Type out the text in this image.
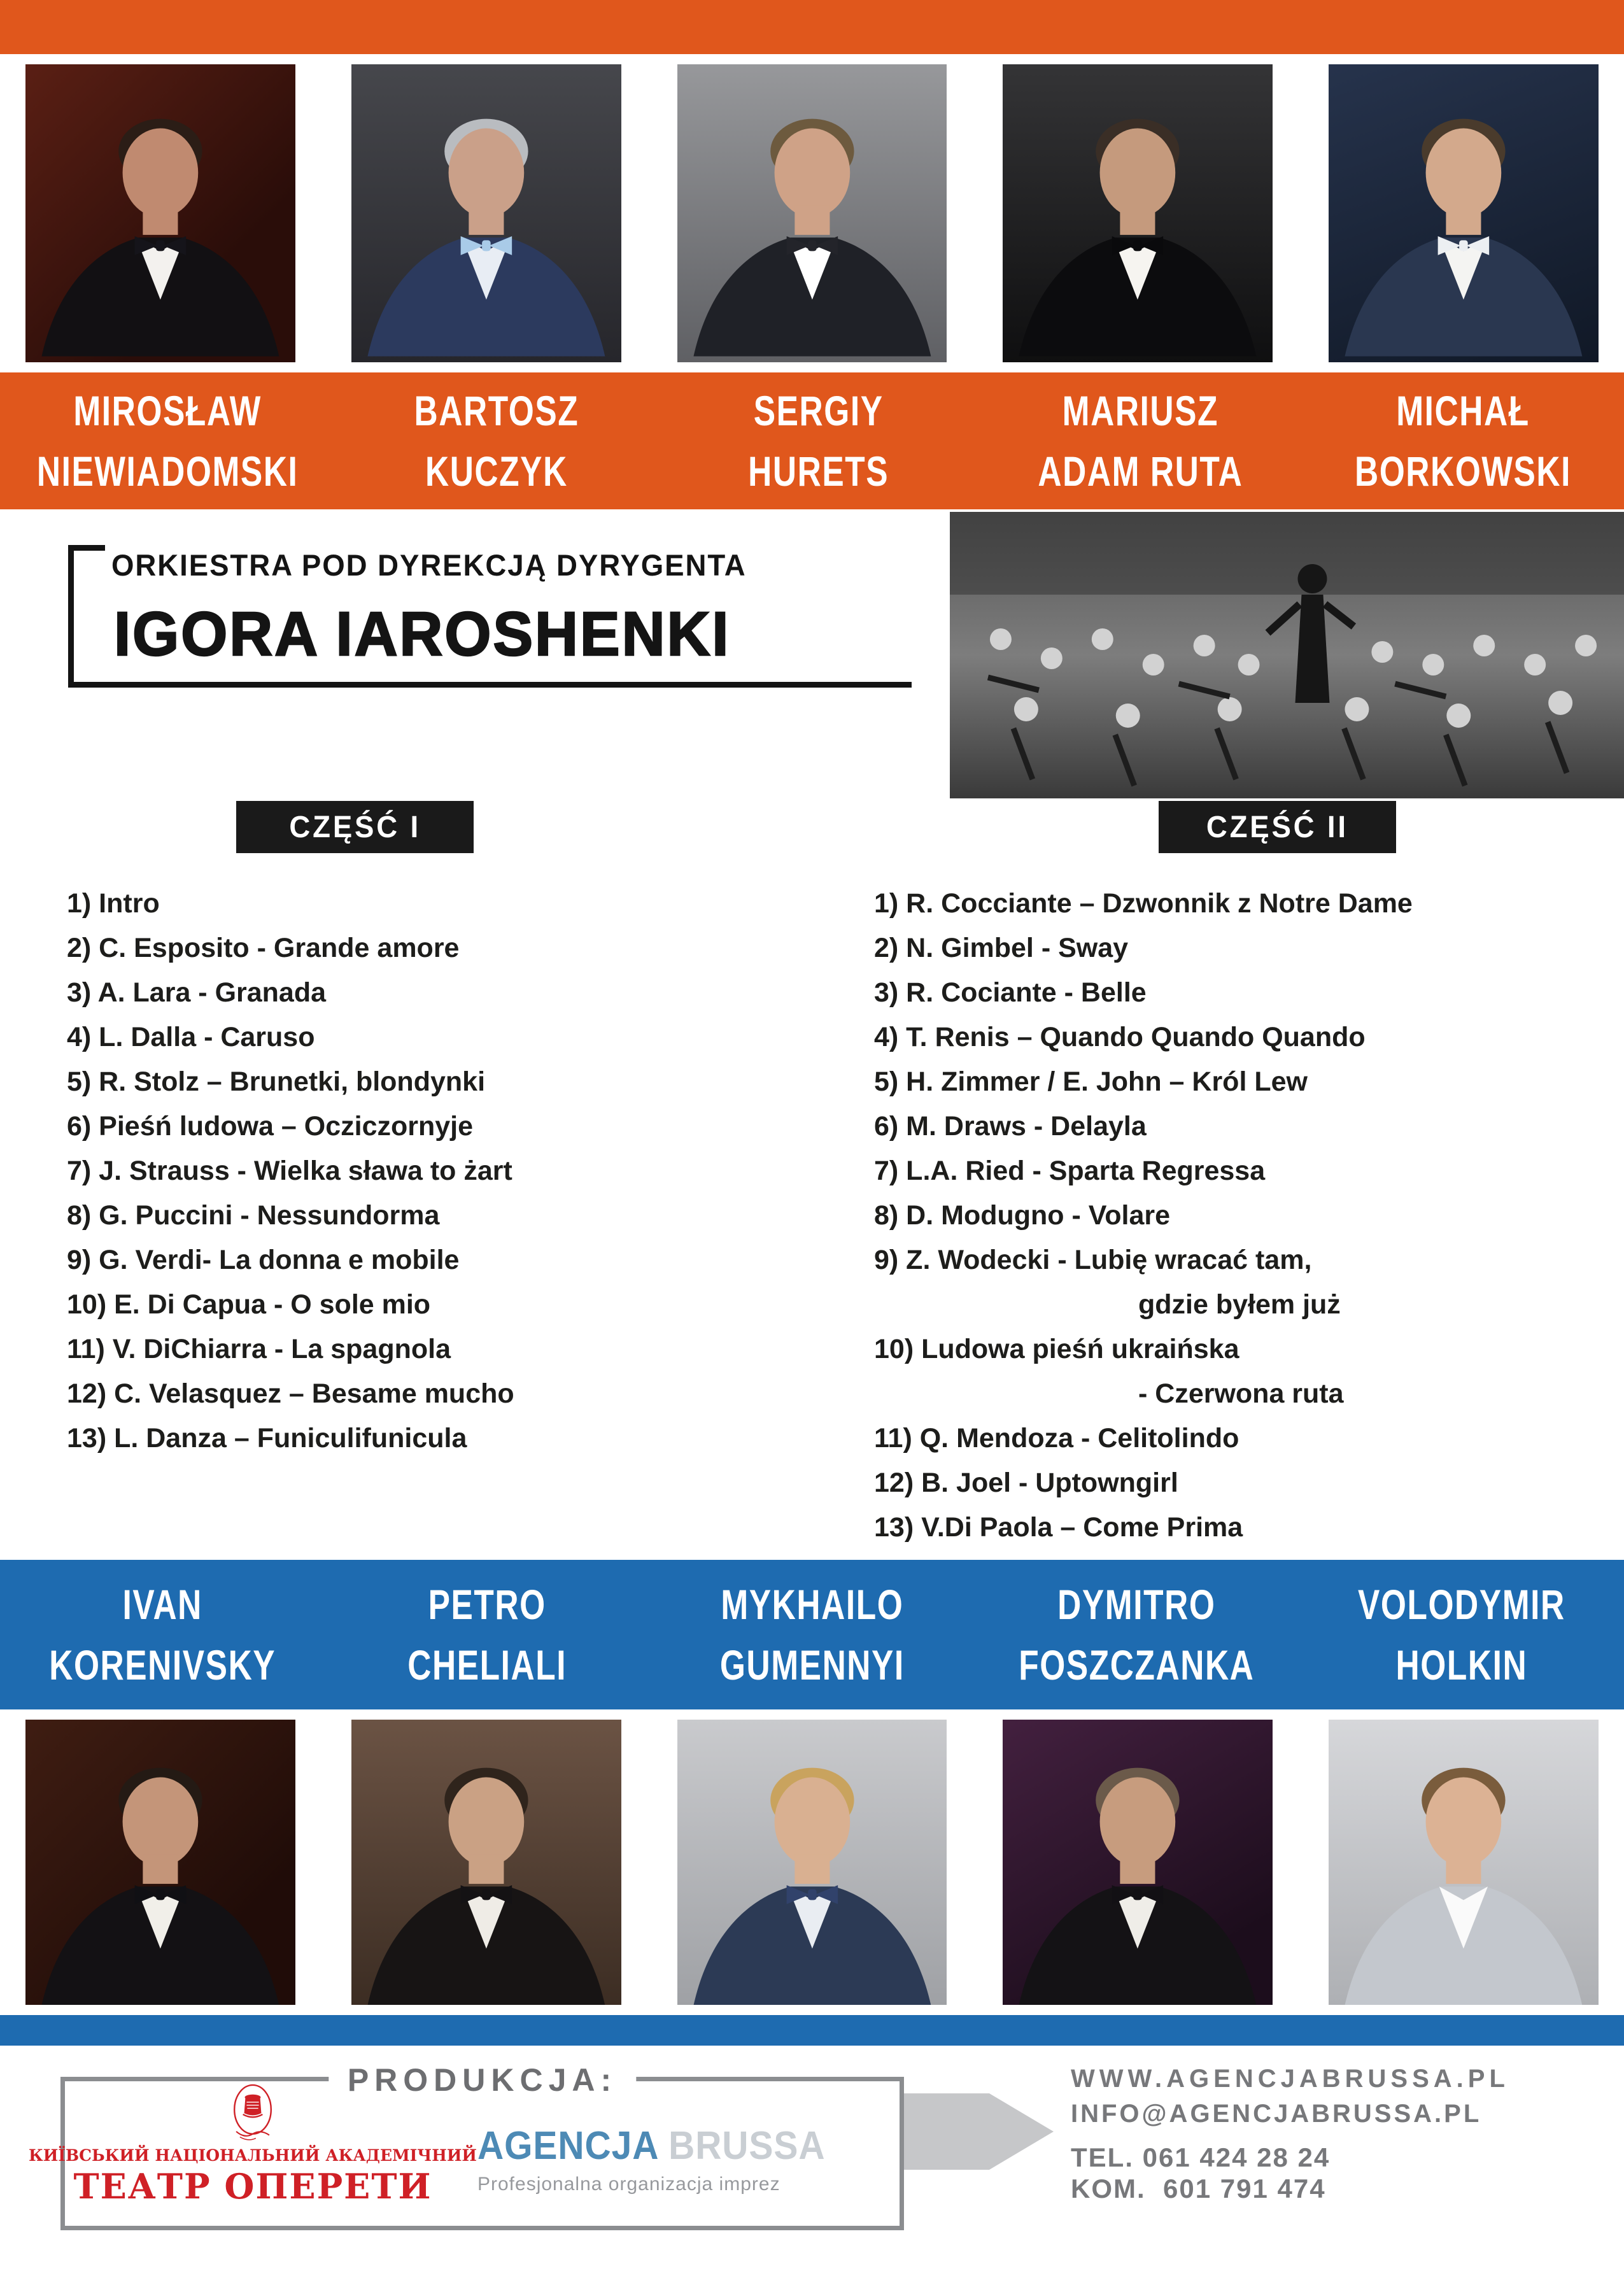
MIROSŁAW
NIEWIADOMSKI
BARTOSZ
KUCZYK
SERGIY
HURETS
MARIUSZ
ADAM RUTA
MICHAŁ
BORKOWSKI
ORKIESTRA POD DYREKCJĄ DYRYGENTA
IGORA IAROSHENKI
CZĘŚĆ I
1) Intro
2) C. Esposito - Grande amore
3) A. Lara - Granada
4) L. Dalla - Caruso
5) R. Stolz – Brunetki, blondynki
6) Pieśń ludowa – Ocziczornyje
7) J. Strauss - Wielka sława to żart
8) G. Puccini - Nessundorma
9) G. Verdi- La donna e mobile
10) E. Di Capua - O sole mio
11) V. DiChiarra - La spagnola
12) C. Velasquez – Besame mucho
13) L. Danza – Funiculifunicula
CZĘŚĆ II
1) R. Cocciante – Dzwonnik z Notre Dame
2) N. Gimbel - Sway
3) R. Cociante - Belle
4) T. Renis – Quando Quando Quando
5) H. Zimmer / E. John – Król Lew
6) M. Draws - Delayla
7) L.A. Ried - Sparta Regressa
8) D. Modugno - Volare
9) Z. Wodecki - Lubię wracać tam,
gdzie byłem już
10) Ludowa pieśń ukraińska
- Czerwona ruta
11) Q. Mendoza - Celitolindo
12) B. Joel - Uptowngirl
13) V.Di Paola – Come Prima
IVAN
KORENIVSKY
PETRO
CHELIALI
MYKHAILO
GUMENNYI
DYMITRO
FOSZCZANKA
VOLODYMIR
HOLKIN
PRODUKCJA:
КИЇВСЬКИЙ НАЦІОНАЛЬНИЙ АКАДЕМІЧНИЙ
ТЕАТР ОПЕРЕТИ
AGENCJA BRUSSA
Profesjonalna organizacja imprez
WWW.AGENCJABRUSSA.PL
INFO@AGENCJABRUSSA.PL
TEL. 061 424 28 24
KOM.  601 791 474
